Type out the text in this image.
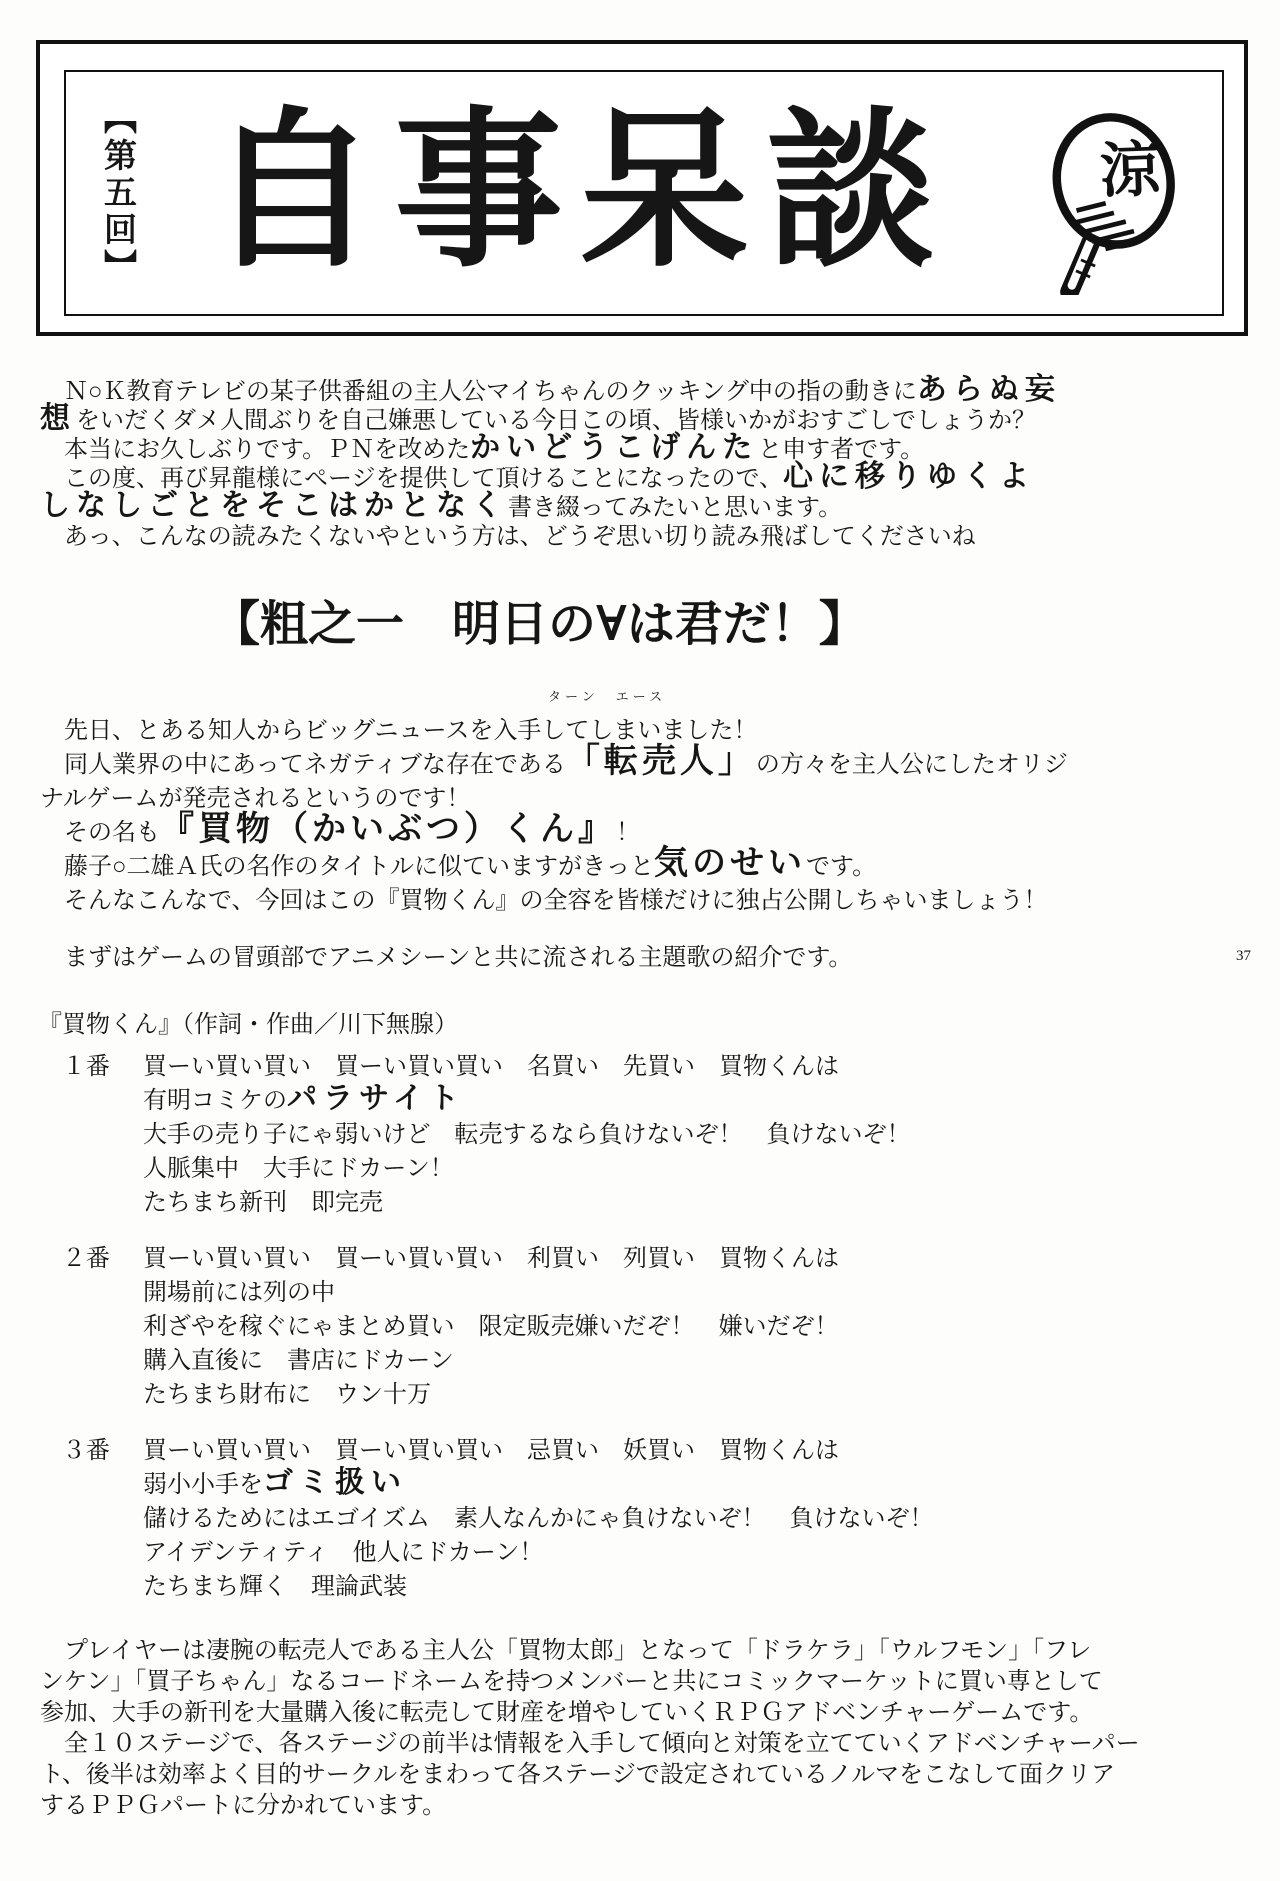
【第五回】 自事呆談	涼
　Ｎ○Ｋ教育テレビの某子供番組の主人公マイちゃんのクッキング中の指の動きにあらぬ妄
想をいだくダメ人間ぶりを自己嫌悪している今日この頃、皆様いかがおすごしでしょうか？
　本当にお久しぶりです。ＰＮを改めたかいどうこげんたと申す者です。
　この度、再び昇龍様にページを提供して頂けることになったので、心に移りゆくよ
しなしごとをそこはかとなく書き綴ってみたいと思います。
　あっ、こんなの読みたくないやという方は、どうぞ思い切り読み飛ばしてくださいね
【粗之一　明日の∀は君だ！】
ターン　エース
　先日、とある知人からビッグニュースを入手してしまいました！
　同人業界の中にあってネガティブな存在である「転売人」の方々を主人公にしたオリジ
ナルゲームが発売されるというのです！
　その名も『買物（かいぶつ）くん』！
　藤子○二雄Ａ氏の名作のタイトルに似ていますがきっと気のせいです。
　そんなこんなで、今回はこの『買物くん』の全容を皆様だけに独占公開しちゃいましょう！
　まずはゲームの冒頭部でアニメシーンと共に流される主題歌の紹介です。	37
『買物くん』（作詞・作曲／川下無腺）
１番	買ーい買い買い　買ーい買い買い　名買い　先買い　買物くんは
有明コミケのパラサイト
大手の売り子にゃ弱いけど　転売するなら負けないぞ！　負けないぞ！
人脈集中　大手にドカーン！
たちまち新刊　即完売
２番	買ーい買い買い　買ーい買い買い　利買い　列買い　買物くんは
開場前には列の中
利ざやを稼ぐにゃまとめ買い　限定販売嫌いだぞ！　嫌いだぞ！
購入直後に　書店にドカーン
たちまち財布に　ウン十万
３番	買ーい買い買い　買ーい買い買い　忌買い　妖買い　買物くんは
弱小小手をゴミ扱い
儲けるためにはエゴイズム　素人なんかにゃ負けないぞ！　負けないぞ！
アイデンティティ　他人にドカーン！
たちまち輝く　理論武装
　プレイヤーは凄腕の転売人である主人公「買物太郎」となって「ドラケラ」「ウルフモン」「フレ
ンケン」「買子ちゃん」なるコードネームを持つメンバーと共にコミックマーケットに買い専として
参加、大手の新刊を大量購入後に転売して財産を増やしていくＲＰＧアドベンチャーゲームです。
　全１０ステージで、各ステージの前半は情報を入手して傾向と対策を立てていくアドベンチャーパー
ト、後半は効率よく目的サークルをまわって各ステージで設定されているノルマをこなして面クリア
するＰＰＧパートに分かれています。
